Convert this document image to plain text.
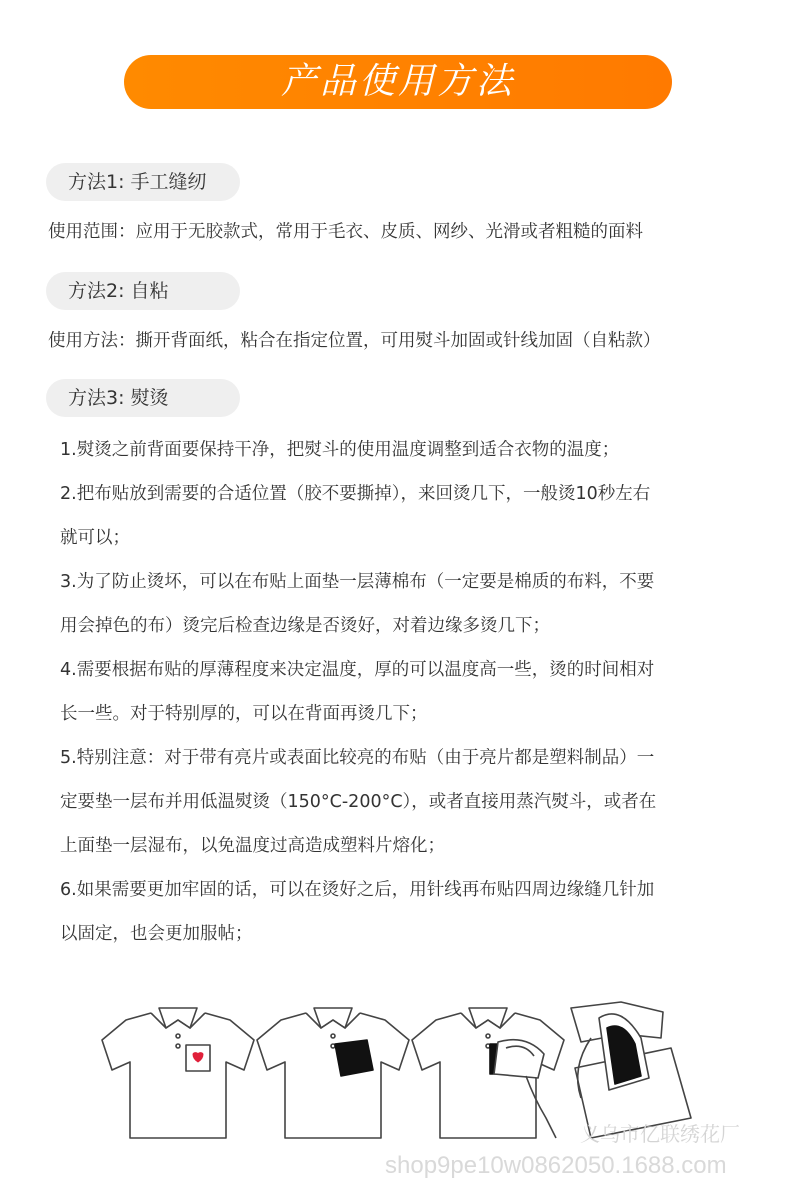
产品使用方法
方法1: 手工缝纫
使用范围：应用于无胶款式，常用于毛衣、皮质、网纱、光滑或者粗糙的面料
方法2: 自粘
使用方法：撕开背面纸，粘合在指定位置，可用熨斗加固或针线加固（自粘款）
方法3: 熨烫

1.熨烫之前背面要保持干净，把熨斗的使用温度调整到适合衣物的温度；

2.把布贴放到需要的合适位置（胶不要撕掉），来回烫几下，一般烫10秒左右
就可以；

3.为了防止烫坏，可以在布贴上面垫一层薄棉布（一定要是棉质的布料，不要
用会掉色的布）烫完后检查边缘是否烫好，对着边缘多烫几下；

4.需要根据布贴的厚薄程度来决定温度，厚的可以温度高一些，烫的时间相对
长一些。对于特别厚的，可以在背面再烫几下；

5.特别注意：对于带有亮片或表面比较亮的布贴（由于亮片都是塑料制品）一
定要垫一层布并用低温熨烫（150°C-200°C），或者直接用蒸汽熨斗，或者在
上面垫一层湿布，以免温度过高造成塑料片熔化；

6.如果需要更加牢固的话，可以在烫好之后，用针线再布贴四周边缘缝几针加
以固定，也会更加服帖；

义乌市亿联绣花厂
shop9pe10w0862050.1688.com
